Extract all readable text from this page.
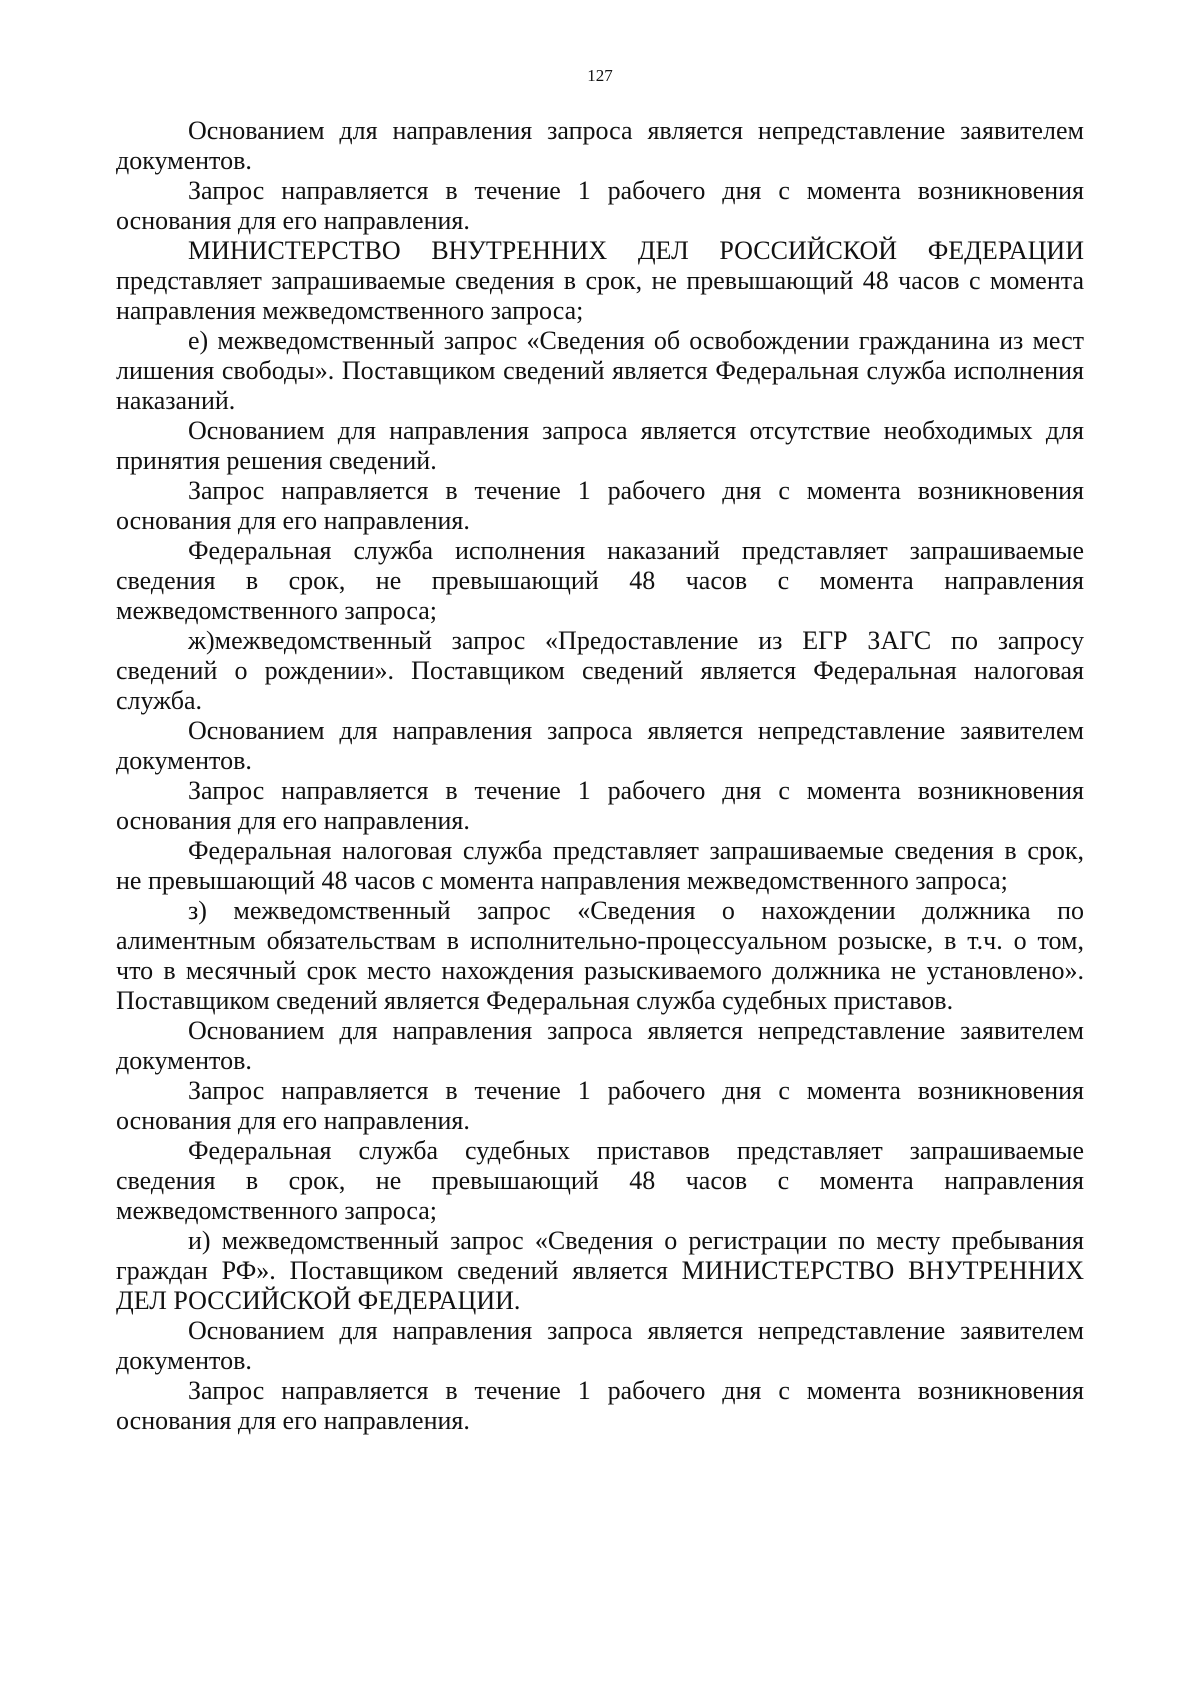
127

Основанием для направления запроса является непредставление заявителем документов.

Запрос направляется в течение 1 рабочего дня с момента возникновения основания для его направления.

МИНИСТЕРСТВО ВНУТРЕННИХ ДЕЛ РОССИЙСКОЙ ФЕДЕРАЦИИ представляет запрашиваемые сведения в срок, не превышающий 48 часов с момента направления межведомственного запроса;

е) межведомственный запрос «Сведения об освобождении гражданина из мест лишения свободы». Поставщиком сведений является Федеральная служба исполнения наказаний.

Основанием для направления запроса является отсутствие необходимых для принятия решения сведений.

Запрос направляется в течение 1 рабочего дня с момента возникновения основания для его направления.

Федеральная служба исполнения наказаний представляет запрашиваемые сведения в срок, не превышающий 48 часов с момента направления межведомственного запроса;

ж)межведомственный запрос «Предоставление из ЕГР ЗАГС по запросу сведений о рождении». Поставщиком сведений является Федеральная налоговая служба.

Основанием для направления запроса является непредставление заявителем документов.

Запрос направляется в течение 1 рабочего дня с момента возникновения основания для его направления.

Федеральная налоговая служба представляет запрашиваемые сведения в срок, не превышающий 48 часов с момента направления межведомственного запроса;

з) межведомственный запрос «Сведения о нахождении должника по алиментным обязательствам в исполнительно-процессуальном розыске, в т.ч. о том, что в месячный срок место нахождения разыскиваемого должника не установлено». Поставщиком сведений является Федеральная служба судебных приставов.

Основанием для направления запроса является непредставление заявителем документов.

Запрос направляется в течение 1 рабочего дня с момента возникновения основания для его направления.

Федеральная служба судебных приставов представляет запрашиваемые сведения в срок, не превышающий 48 часов с момента направления межведомственного запроса;

и) межведомственный запрос «Сведения о регистрации по месту пребывания граждан РФ». Поставщиком сведений является МИНИСТЕРСТВО ВНУТРЕННИХ ДЕЛ РОССИЙСКОЙ ФЕДЕРАЦИИ.

Основанием для направления запроса является непредставление заявителем документов.

Запрос направляется в течение 1 рабочего дня с момента возникновения основания для его направления.
